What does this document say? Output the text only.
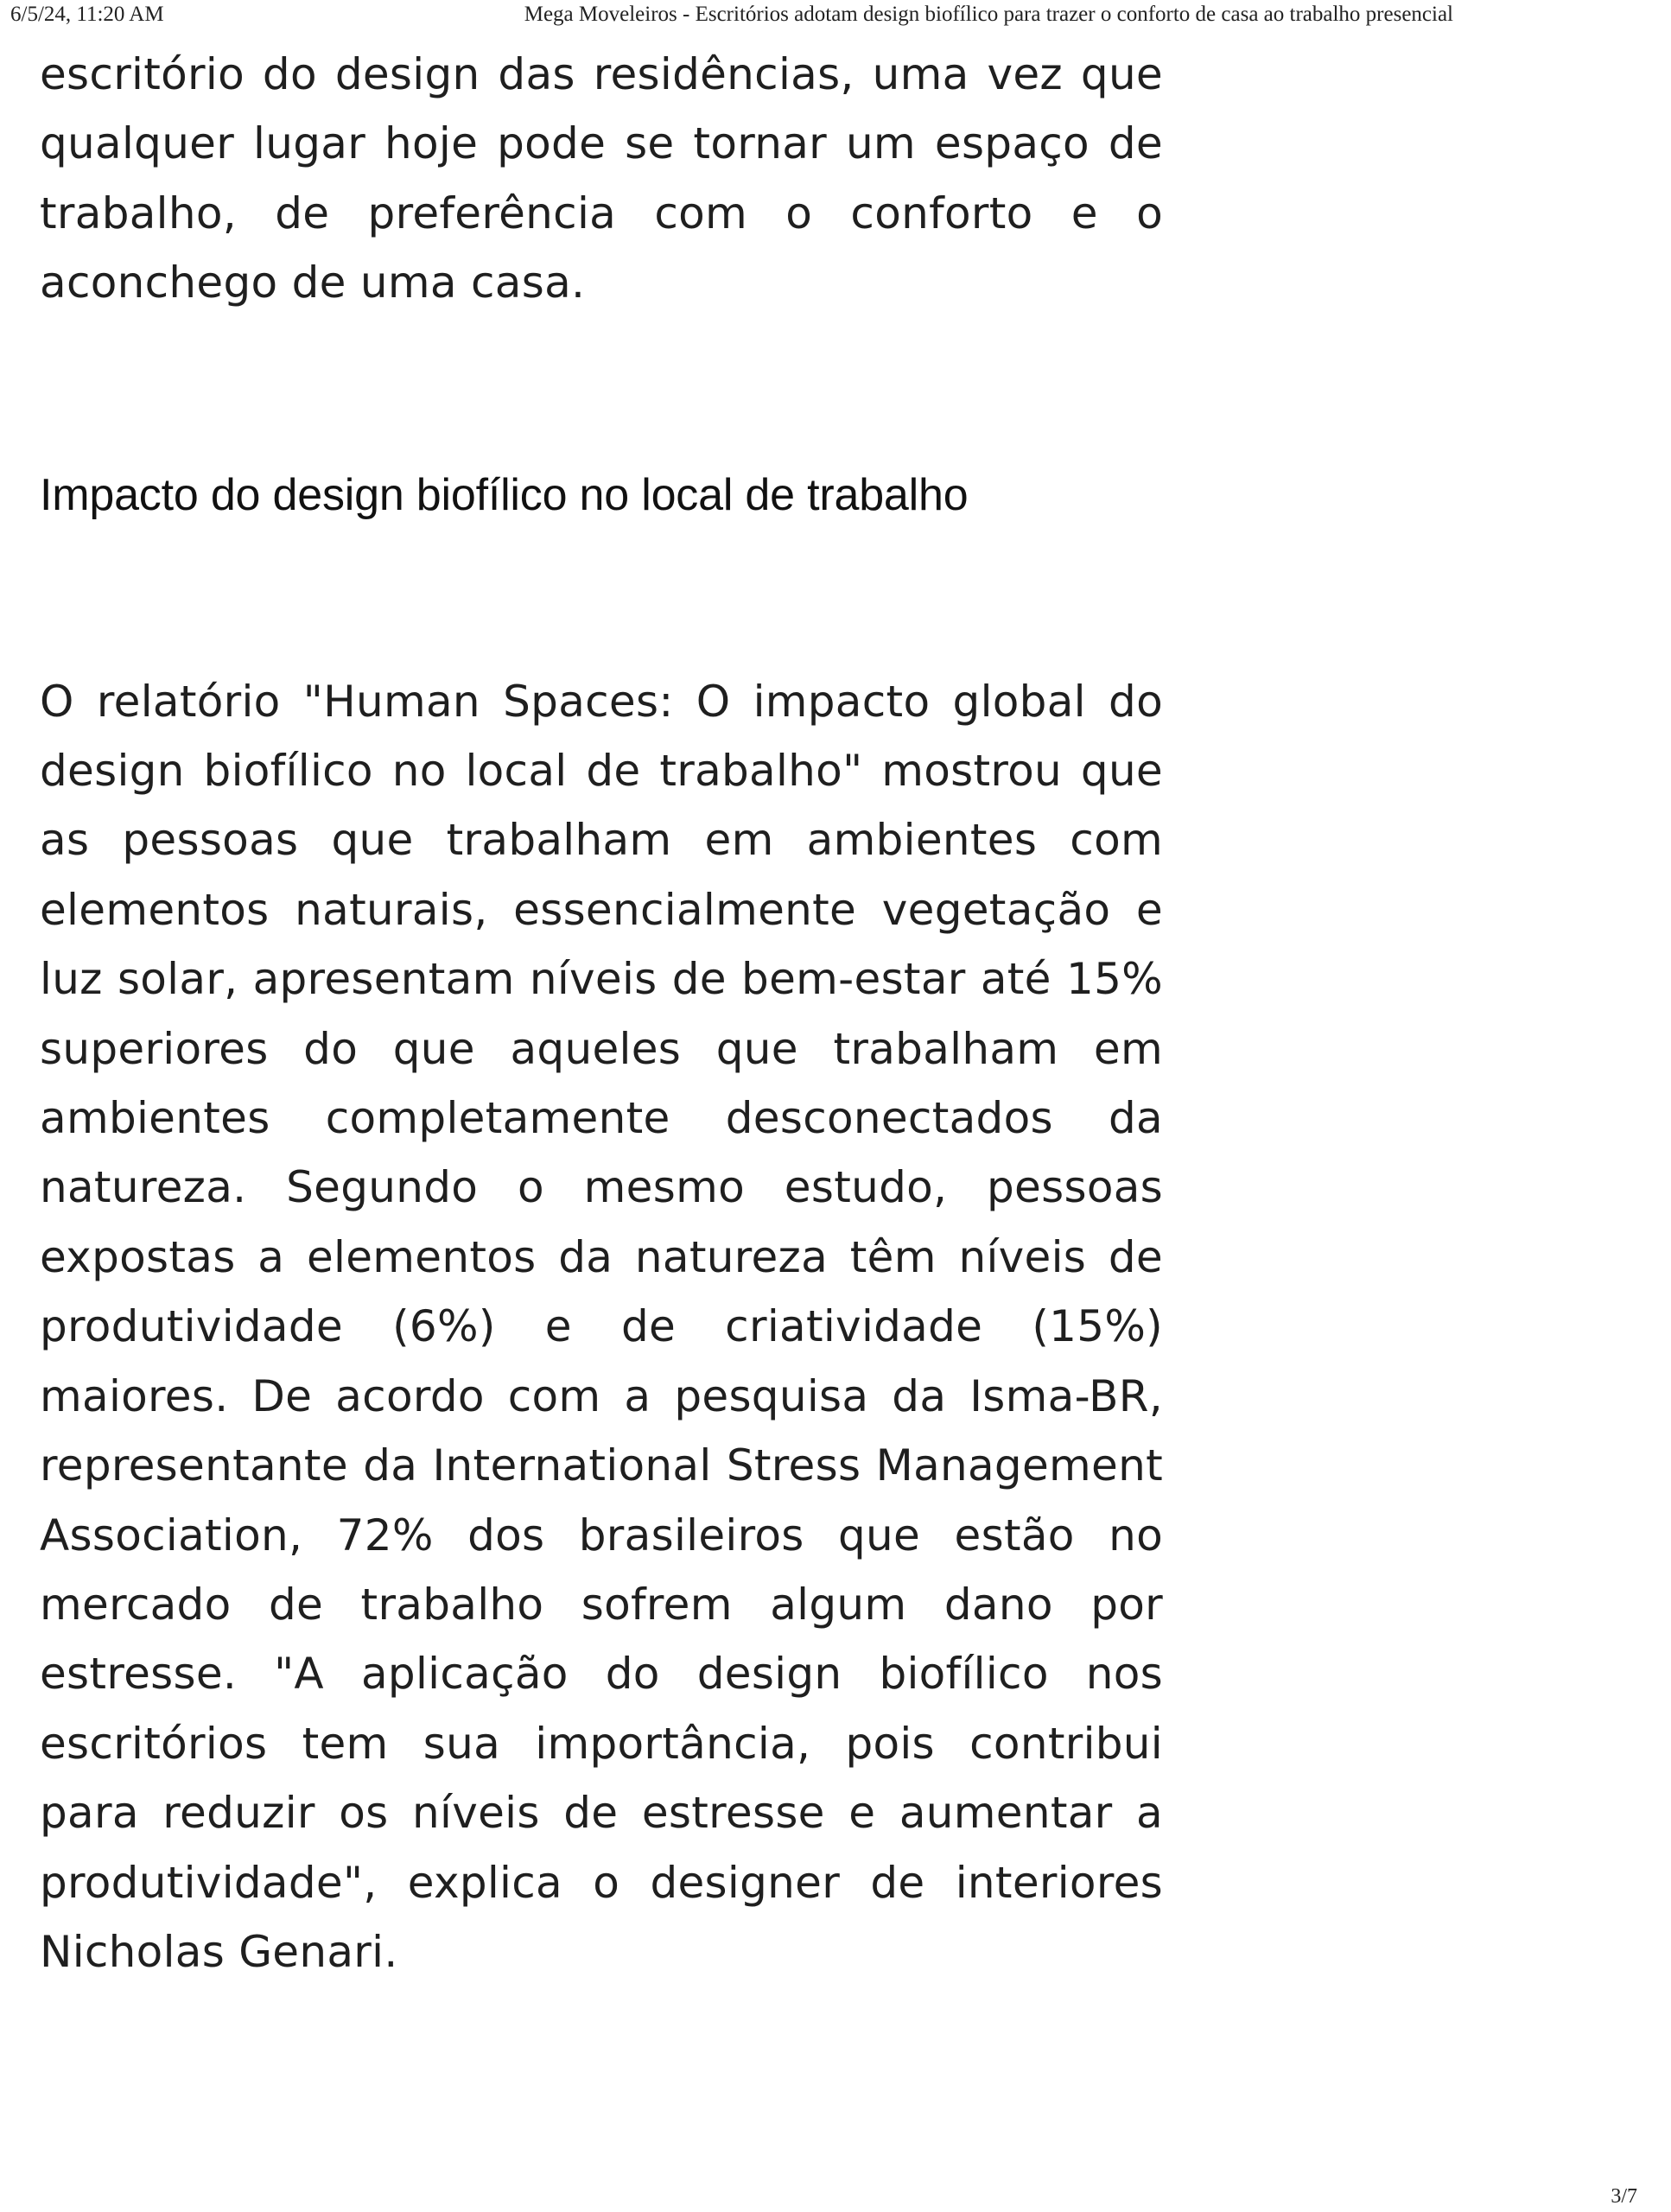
6/5/24, 11:20 AM	Mega Moveleiros - Escritórios adotam design biofílico para trazer o conforto de casa ao trabalho presencial

escritório do design das residências, uma vez que qualquer lugar hoje pode se tornar um espaço de trabalho, de preferência com o conforto e o aconchego de uma casa.

Impacto do design biofílico no local de trabalho

O relatório "Human Spaces: O impacto global do design biofílico no local de trabalho" mostrou que as pessoas que trabalham em ambientes com elementos naturais, essencialmente vegetação e luz solar, apresentam níveis de bem-estar até 15% superiores do que aqueles que trabalham em ambientes completamente desconectados da natureza. Segundo o mesmo estudo, pessoas expostas a elementos da natureza têm níveis de produtividade (6%) e de criatividade (15%) maiores. De acordo com a pesquisa da Isma-BR, representante da International Stress Management Association, 72% dos brasileiros que estão no mercado de trabalho sofrem algum dano por estresse. "A aplicação do design biofílico nos escritórios tem sua importância, pois contribui para reduzir os níveis de estresse e aumentar a produtividade", explica o designer de interiores Nicholas Genari.

3/7
